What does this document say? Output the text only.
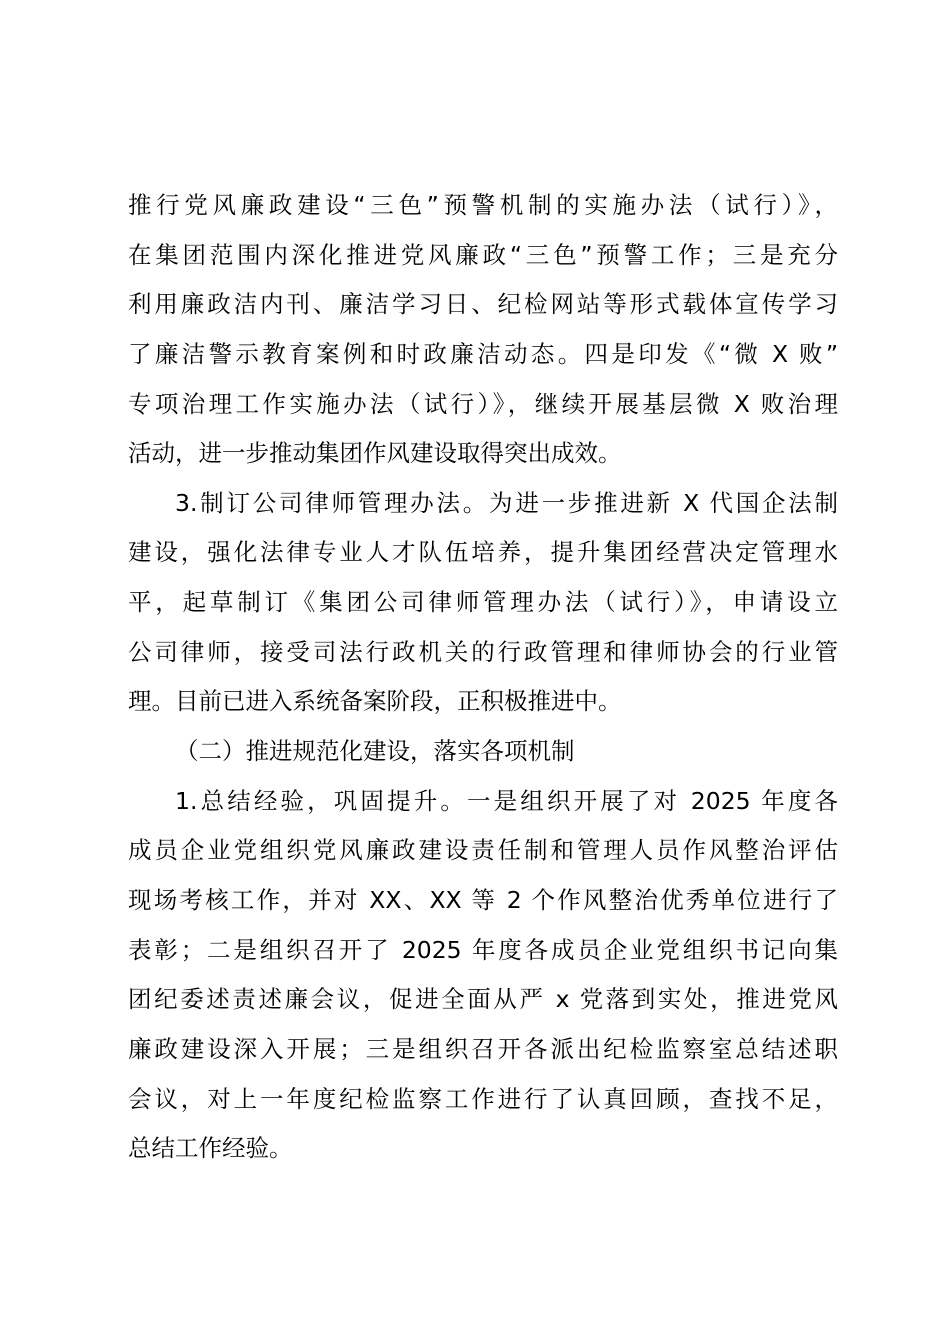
推行党风廉政建设“三色”预警机制的实施办法（试行）》，
在集团范围内深化推进党风廉政“三色”预警工作；三是充分
利用廉政洁内刊、廉洁学习日、纪检网站等形式载体宣传学习
了廉洁警示教育案例和时政廉洁动态。四是印发《“微 X 败”
专项治理工作实施办法（试行）》，继续开展基层微 X 败治理
活动，进一步推动集团作风建设取得突出成效。
3.制订公司律师管理办法。为进一步推进新 X 代国企法制
建设，强化法律专业人才队伍培养，提升集团经营决定管理水
平，起草制订《集团公司律师管理办法（试行）》，申请设立
公司律师，接受司法行政机关的行政管理和律师协会的行业管
理。目前已进入系统备案阶段，正积极推进中。
（二）推进规范化建设，落实各项机制
1.总结经验，巩固提升。一是组织开展了对 2025 年度各
成员企业党组织党风廉政建设责任制和管理人员作风整治评估
现场考核工作，并对 XX、XX 等 2 个作风整治优秀单位进行了
表彰；二是组织召开了 2025 年度各成员企业党组织书记向集
团纪委述责述廉会议，促进全面从严 x 党落到实处，推进党风
廉政建设深入开展；三是组织召开各派出纪检监察室总结述职
会议，对上一年度纪检监察工作进行了认真回顾，查找不足，
总结工作经验。
